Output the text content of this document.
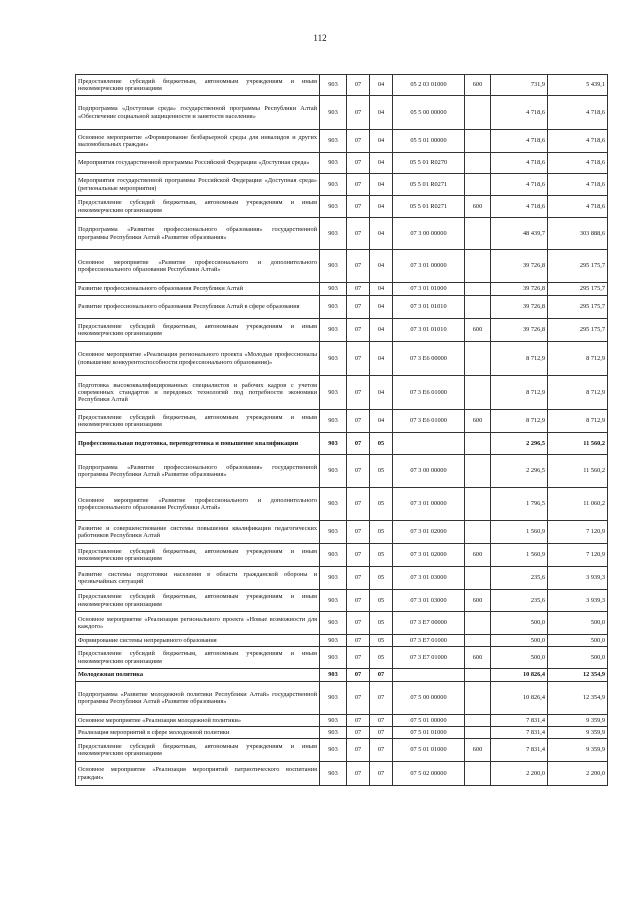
112
Предоставление субсидий бюджетным, автономным учреждениям и иным некоммерческим организациям	903	07	04	05 2 03 01000	600	731,9	5 439,1
Подпрограмма «Доступная среда» государственной программы Республики Алтай «Обеспечение социальной защищенности и занятости населения»	903	07	04	05 5 00 00000		4 718,6	4 718,6
Основное мероприятие «Формирование безбарьерной среды для инвалидов и других маломобильных граждан»	903	07	04	05 5 01 00000		4 718,6	4 718,6
Мероприятия государственной программы Российской Федерации «Доступная среда»	903	07	04	05 5 01 R0270		4 718,6	4 718,6
Мероприятия государственной программы Российской Федерации «Доступная среда» (региональные мероприятия)	903	07	04	05 5 01 R0271		4 718,6	4 718,6
Предоставление субсидий бюджетным, автономным учреждениям и иным некоммерческим организациям	903	07	04	05 5 01 R0271	600	4 718,6	4 718,6
Подпрограмма «Развитие профессионального образования» государственной программы Республики Алтай «Развитие образования»	903	07	04	07 3 00 00000		48 439,7	303 888,6
Основное мероприятие «Развитие профессионального и дополнительного профессионального образования Республики Алтай»	903	07	04	07 3 01 00000		39 726,8	295 175,7
Развитие профессионального образования Республики Алтай	903	07	04	07 3 01 01000		39 726,8	295 175,7
Развитие профессионального образования Республики Алтай в сфере образования	903	07	04	07 3 01 01010		39 726,8	295 175,7
Предоставление субсидий бюджетным, автономным учреждениям и иным некоммерческим организациям	903	07	04	07 3 01 01010	600	39 726,8	295 175,7
Основное мероприятие «Реализация регионального проекта «Молодые профессионалы (повышение конкурентоспособности профессионального образования)»	903	07	04	07 3 E6 00000		8 712,9	8 712,9
Подготовка высококвалифицированных специалистов и рабочих кадров с учетом современных стандартов и передовых технологий под потребности экономики Республики Алтай	903	07	04	07 3 E6 01000		8 712,9	8 712,9
Предоставление субсидий бюджетным, автономным учреждениям и иным некоммерческим организациям	903	07	04	07 3 E6 01000	600	8 712,9	8 712,9
Профессиональная подготовка, переподготовка и повышение квалификации	903	07	05			2 296,5	11 560,2
Подпрограмма «Развитие профессионального образования» государственной программы Республики Алтай «Развитие образования»	903	07	05	07 3 00 00000		2 296,5	11 560,2
Основное мероприятие «Развитие профессионального и дополнительного профессионального образования Республики Алтай»	903	07	05	07 3 01 00000		1 796,5	11 060,2
Развитие и совершенствование системы повышения квалификации педагогических работников Республики Алтай	903	07	05	07 3 01 02000		1 560,9	7 120,9
Предоставление субсидий бюджетным, автономным учреждениям и иным некоммерческим организациям	903	07	05	07 3 01 02000	600	1 560,9	7 120,9
Развитие системы подготовки населения в области гражданской обороны и чрезвычайных ситуаций	903	07	05	07 3 01 03000		235,6	3 939,3
Предоставление субсидий бюджетным, автономным учреждениям и иным некоммерческим организациям	903	07	05	07 3 01 03000	600	235,6	3 939,3
Основное мероприятие «Реализация регионального проекта «Новые возможности для каждого»	903	07	05	07 3 E7 00000		500,0	500,0
Формирование системы непрерывного образования	903	07	05	07 3 E7 01000		500,0	500,0
Предоставление субсидий бюджетным, автономным учреждениям и иным некоммерческим организациям	903	07	05	07 3 E7 01000	600	500,0	500,0
Молодежная политика	903	07	07			10 826,4	12 354,9
Подпрограмма «Развитие молодежной политики Республики Алтай» государственной программы Республики Алтай «Развитие образования»	903	07	07	07 5 00 00000		10 826,4	12 354,9
Основное мероприятие «Реализация молодежной политики»	903	07	07	07 5 01 00000		7 831,4	9 359,9
Реализация мероприятий в сфере молодежной политики	903	07	07	07 5 01 01000		7 831,4	9 359,9
Предоставление субсидий бюджетным, автономным учреждениям и иным некоммерческим организациям	903	07	07	07 5 01 01000	600	7 831,4	9 359,9
Основное мероприятие «Реализация мероприятий патриотического воспитания граждан»	903	07	07	07 5 02 00000		2 200,0	2 200,0
